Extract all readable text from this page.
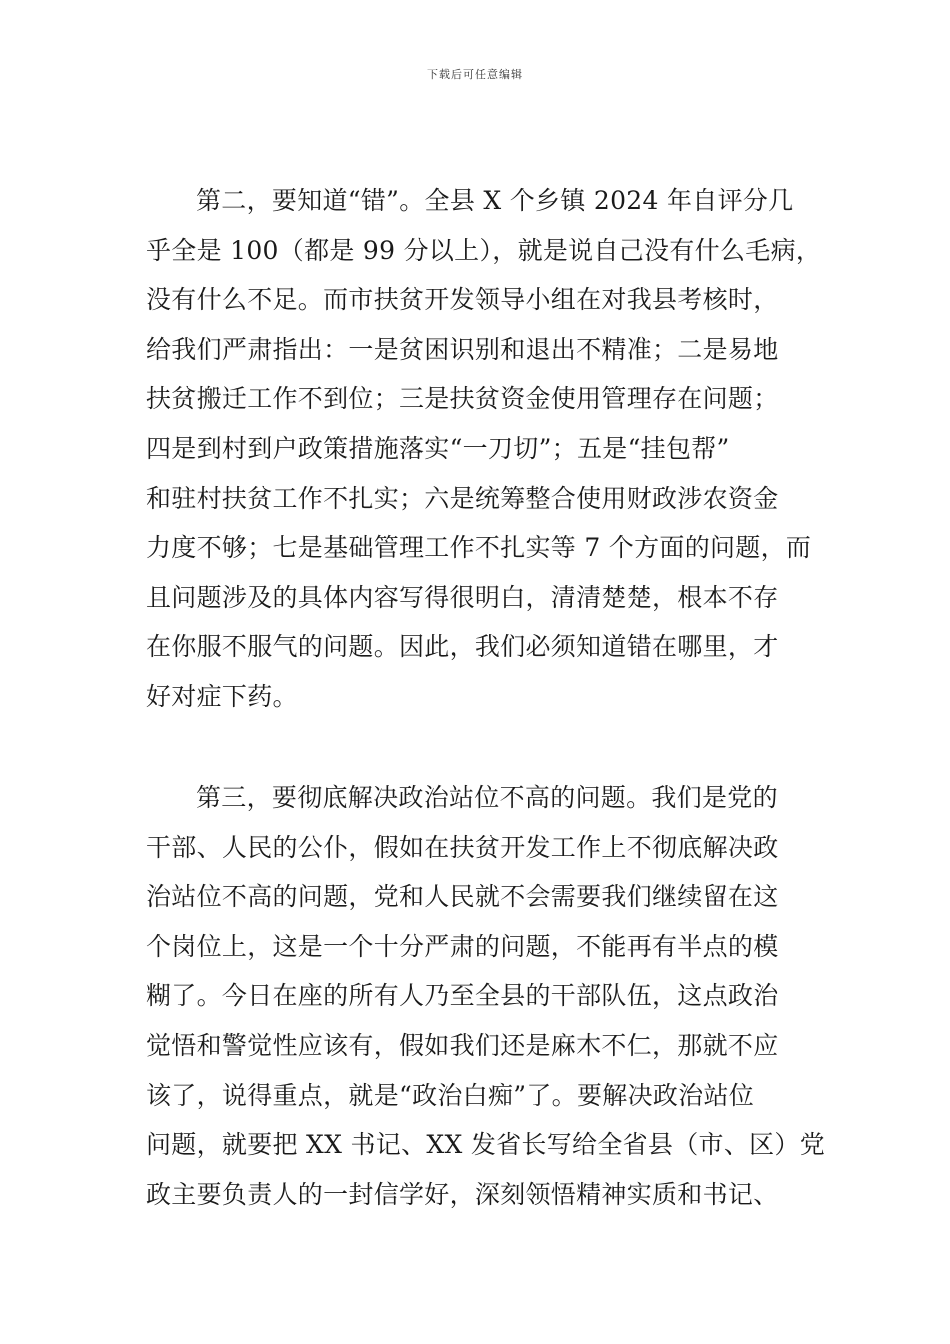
下载后可任意编辑
第二，要知道“错”。全县 X 个乡镇 2024 年自评分几
乎全是 100（都是 99 分以上），就是说自己没有什么毛病，
没有什么不足。而市扶贫开发领导小组在对我县考核时，
给我们严肃指出：一是贫困识别和退出不精准；二是易地
扶贫搬迁工作不到位；三是扶贫资金使用管理存在问题；
四是到村到户政策措施落实“一刀切”；五是“挂包帮”
和驻村扶贫工作不扎实；六是统筹整合使用财政涉农资金
力度不够；七是基础管理工作不扎实等 7 个方面的问题，而
且问题涉及的具体内容写得很明白，清清楚楚，根本不存
在你服不服气的问题。因此，我们必须知道错在哪里，才
好对症下药。
第三，要彻底解决政治站位不高的问题。我们是党的
干部、人民的公仆，假如在扶贫开发工作上不彻底解决政
治站位不高的问题，党和人民就不会需要我们继续留在这
个岗位上，这是一个十分严肃的问题，不能再有半点的模
糊了。今日在座的所有人乃至全县的干部队伍，这点政治
觉悟和警觉性应该有，假如我们还是麻木不仁，那就不应
该了，说得重点，就是“政治白痴”了。要解决政治站位
问题，就要把 XX 书记、XX 发省长写给全省县（市、区）党
政主要负责人的一封信学好，深刻领悟精神实质和书记、
